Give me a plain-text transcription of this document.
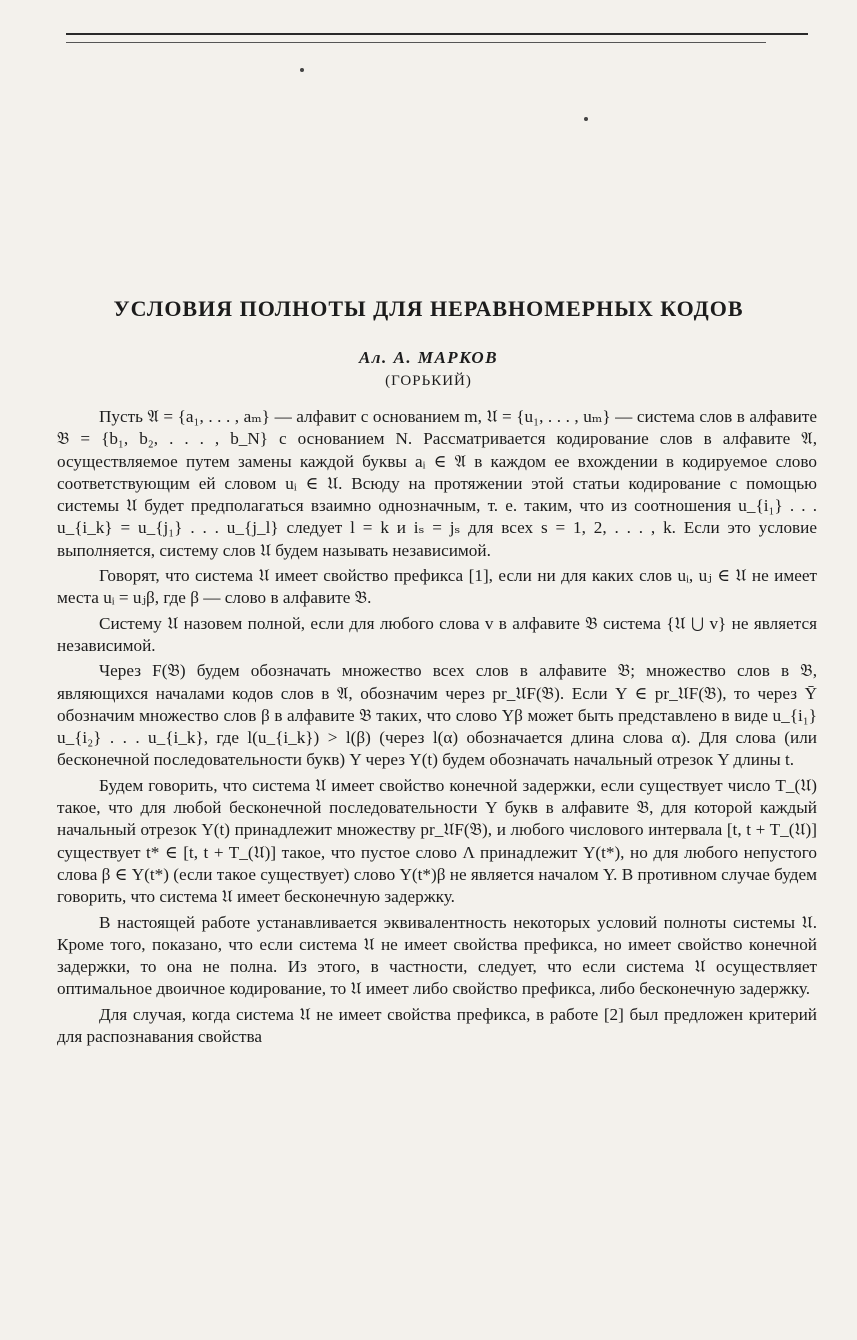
УСЛОВИЯ ПОЛНОТЫ ДЛЯ НЕРАВНОМЕРНЫХ КОДОВ
Ал. А. МАРКОВ
(ГОРЬКИЙ)

Пусть 𝔄 = {a₁, . . . , aₘ} — алфавит с основанием m, 𝔘 = {u₁, . . . , uₘ} — система слов в алфавите 𝔅 = {b₁, b₂, . . . , b_N} с основанием N. Рассматривается кодирование слов в алфавите 𝔄, осуществляемое путем замены каждой буквы aᵢ ∈ 𝔄 в каждом ее вхождении в кодируемое слово соответствующим ей словом uᵢ ∈ 𝔘. Всюду на протяжении этой статьи кодирование с помощью системы 𝔘 будет предполагаться взаимно однозначным, т. е. таким, что из соотношения u_{i₁} . . . u_{i_k} = u_{j₁} . . . u_{j_l} следует l = k и iₛ = jₛ для всех s = 1, 2, . . . , k. Если это условие выполняется, систему слов 𝔘 будем называть независимой.

Говорят, что система 𝔘 имеет свойство префикса [1], если ни для каких слов uᵢ, uⱼ ∈ 𝔘 не имеет места uᵢ = uⱼβ, где β — слово в алфавите 𝔅.

Систему 𝔘 назовем полной, если для любого слова v в алфавите 𝔅 система {𝔘 ⋃ v} не является независимой.

Через F(𝔅) будем обозначать множество всех слов в алфавите 𝔅; множество слов в 𝔅, являющихся началами кодов слов в 𝔄, обозначим через pr_𝔘F(𝔅). Если Y ∈ pr_𝔘F(𝔅), то через Ȳ обозначим множество слов β в алфавите 𝔅 таких, что слово Yβ может быть представлено в виде u_{i₁} u_{i₂} . . . u_{i_k}, где l(u_{i_k}) > l(β) (через l(α) обозначается длина слова α). Для слова (или бесконечной последовательности букв) Y через Y(t) будем обозначать начальный отрезок Y длины t.

Будем говорить, что система 𝔘 имеет свойство конечной задержки, если существует число T_(𝔘) такое, что для любой бесконечной последовательности Y букв в алфавите 𝔅, для которой каждый начальный отрезок Y(t) принадлежит множеству pr_𝔘F(𝔅), и любого числового интервала [t, t + T_(𝔘)] существует t* ∈ [t, t + T_(𝔘)] такое, что пустое слово Λ принадлежит Y(t*), но для любого непустого слова β ∈ Y(t*) (если такое существует) слово Y(t*)β не является началом Y. В противном случае будем говорить, что система 𝔘 имеет бесконечную задержку.

В настоящей работе устанавливается эквивалентность некоторых условий полноты системы 𝔘. Кроме того, показано, что если система 𝔘 не имеет свойства префикса, но имеет свойство конечной задержки, то она не полна. Из этого, в частности, следует, что если система 𝔘 осуществляет оптимальное двоичное кодирование, то 𝔘 имеет либо свойство префикса, либо бесконечную задержку.

Для случая, когда система 𝔘 не имеет свойства префикса, в работе [2] был предложен критерий для распознавания свойства
